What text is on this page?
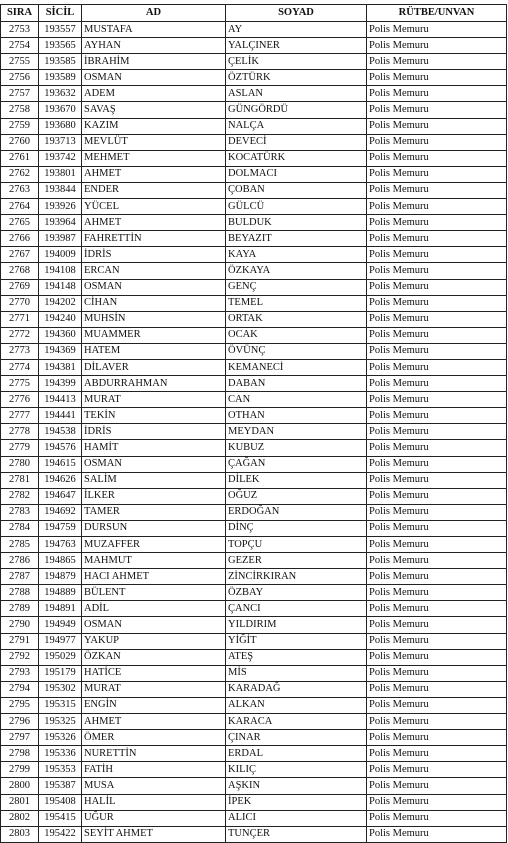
SIRA	SİCİL	AD	SOYAD	RÜTBE/UNVAN
2753	193557	MUSTAFA	AY	Polis Memuru
2754	193565	AYHAN	YALÇINER	Polis Memuru
2755	193585	İBRAHİM	ÇELİK	Polis Memuru
2756	193589	OSMAN	ÖZTÜRK	Polis Memuru
2757	193632	ADEM	ASLAN	Polis Memuru
2758	193670	SAVAŞ	GÜNGÖRDÜ	Polis Memuru
2759	193680	KAZIM	NALÇA	Polis Memuru
2760	193713	MEVLÜT	DEVECİ	Polis Memuru
2761	193742	MEHMET	KOCATÜRK	Polis Memuru
2762	193801	AHMET	DOLMACI	Polis Memuru
2763	193844	ENDER	ÇOBAN	Polis Memuru
2764	193926	YÜCEL	GÜLCÜ	Polis Memuru
2765	193964	AHMET	BULDUK	Polis Memuru
2766	193987	FAHRETTİN	BEYAZIT	Polis Memuru
2767	194009	İDRİS	KAYA	Polis Memuru
2768	194108	ERCAN	ÖZKAYA	Polis Memuru
2769	194148	OSMAN	GENÇ	Polis Memuru
2770	194202	CİHAN	TEMEL	Polis Memuru
2771	194240	MUHSİN	ORTAK	Polis Memuru
2772	194360	MUAMMER	OCAK	Polis Memuru
2773	194369	HATEM	ÖVÜNÇ	Polis Memuru
2774	194381	DİLAVER	KEMANECİ	Polis Memuru
2775	194399	ABDURRAHMAN	DABAN	Polis Memuru
2776	194413	MURAT	CAN	Polis Memuru
2777	194441	TEKİN	OTHAN	Polis Memuru
2778	194538	İDRİS	MEYDAN	Polis Memuru
2779	194576	HAMİT	KUBUZ	Polis Memuru
2780	194615	OSMAN	ÇAĞAN	Polis Memuru
2781	194626	SALİM	DİLEK	Polis Memuru
2782	194647	İLKER	OĞUZ	Polis Memuru
2783	194692	TAMER	ERDOĞAN	Polis Memuru
2784	194759	DURSUN	DİNÇ	Polis Memuru
2785	194763	MUZAFFER	TOPÇU	Polis Memuru
2786	194865	MAHMUT	GEZER	Polis Memuru
2787	194879	HACI AHMET	ZİNCİRKIRAN	Polis Memuru
2788	194889	BÜLENT	ÖZBAY	Polis Memuru
2789	194891	ADİL	ÇANCI	Polis Memuru
2790	194949	OSMAN	YILDIRIM	Polis Memuru
2791	194977	YAKUP	YİĞİT	Polis Memuru
2792	195029	ÖZKAN	ATEŞ	Polis Memuru
2793	195179	HATİCE	MİS	Polis Memuru
2794	195302	MURAT	KARADAĞ	Polis Memuru
2795	195315	ENGİN	ALKAN	Polis Memuru
2796	195325	AHMET	KARACA	Polis Memuru
2797	195326	ÖMER	ÇINAR	Polis Memuru
2798	195336	NURETTİN	ERDAL	Polis Memuru
2799	195353	FATİH	KILIÇ	Polis Memuru
2800	195387	MUSA	AŞKIN	Polis Memuru
2801	195408	HALİL	İPEK	Polis Memuru
2802	195415	UĞUR	ALICI	Polis Memuru
2803	195422	SEYİT AHMET	TUNÇER	Polis Memuru
